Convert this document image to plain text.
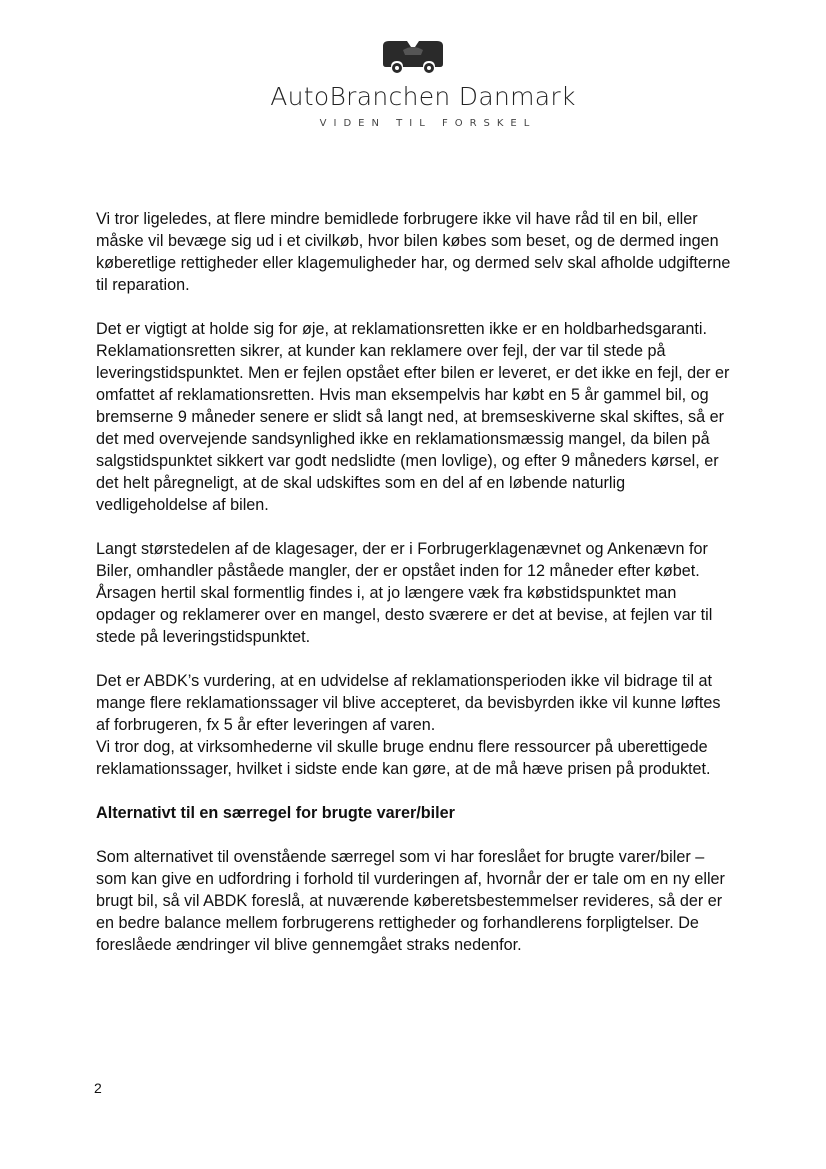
AutoBranchen Danmark
VIDEN TIL FORSKEL

Vi tror ligeledes, at flere mindre bemidlede forbrugere ikke vil have råd til en bil, eller måske vil bevæge sig ud i et civilkøb, hvor bilen købes som beset, og de dermed ingen køberetlige rettigheder eller klagemuligheder har, og dermed selv skal afholde udgifterne til reparation.

Det er vigtigt at holde sig for øje, at reklamationsretten ikke er en holdbarhedsgaranti. Reklamationsretten sikrer, at kunder kan reklamere over fejl, der var til stede på leveringstidspunktet. Men er fejlen opstået efter bilen er leveret, er det ikke en fejl, der er omfattet af reklamationsretten. Hvis man eksempelvis har købt en 5 år gammel bil, og bremserne 9 måneder senere er slidt så langt ned, at bremseskiverne skal skiftes, så er det med overvejende sandsynlighed ikke en reklamationsmæssig mangel, da bilen på salgstidspunktet sikkert var godt nedslidte (men lovlige), og efter 9 måneders kørsel, er det helt påregneligt, at de skal udskiftes som en del af en løbende naturlig vedligeholdelse af bilen.

Langt størstedelen af de klagesager, der er i Forbrugerklagenævnet og Ankenævn for Biler, omhandler påståede mangler, der er opstået inden for 12 måneder efter købet. Årsagen hertil skal formentlig findes i, at jo længere væk fra købstidspunktet man opdager og reklamerer over en mangel, desto sværere er det at bevise, at fejlen var til stede på leveringstidspunktet.

Det er ABDK’s vurdering, at en udvidelse af reklamationsperioden ikke vil bidrage til at mange flere reklamationssager vil blive accepteret, da bevisbyrden ikke vil kunne løftes af forbrugeren, fx 5 år efter leveringen af varen.

Vi tror dog, at virksomhederne vil skulle bruge endnu flere ressourcer på uberettigede reklamationssager, hvilket i sidste ende kan gøre, at de må hæve prisen på produktet.

Alternativt til en særregel for brugte varer/biler

Som alternativet til ovenstående særregel som vi har foreslået for brugte varer/biler – som kan give en udfordring i forhold til vurderingen af, hvornår der er tale om en ny eller brugt bil, så vil ABDK foreslå, at nuværende køberetsbestemmelser revideres, så der er en bedre balance mellem forbrugerens rettigheder og forhandlerens forpligtelser. De foreslåede ændringer vil blive gennemgået straks nedenfor.

2
